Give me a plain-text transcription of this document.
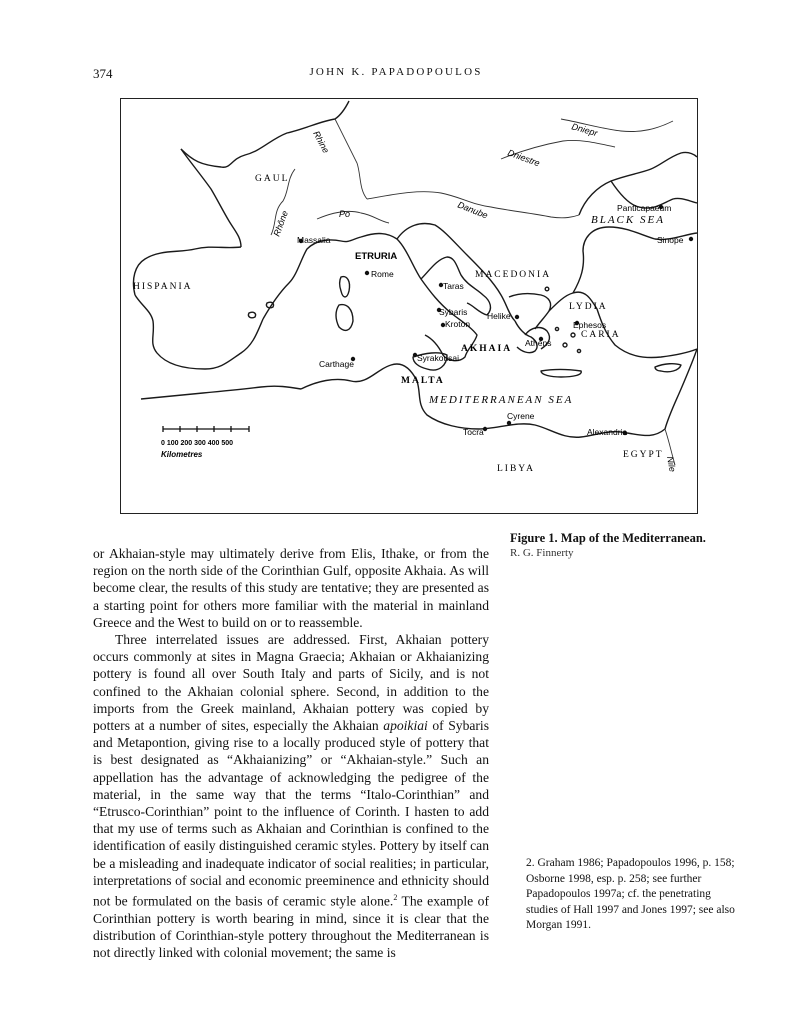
374	JOHN K. PAPADOPOULOS
GAUL
HISPANIA
ETRURIA
MACEDONIA
LYDIA
CARIA
AKHAIA
MALTA
LIBYA
EGYPT
BLACK SEA
MEDITERRANEAN SEA
Rhine
Rhône	Po	Danube
Dniestre
Dniepr
Nile
Massalia
Rome
Taras
Sybaris
Kroton
Syrakousai
Carthage
Helike
Athens
Ephesos
Panticapaeum
Sinope
Cyrene
Tocra	Alexandria
0 100 200 300 400 500
Kilometres
Figure 1. Map of the Mediterranean.
R. G. Finnerty

or Akhaian-style may ultimately derive from Elis, Ithake, or from the region on the north side of the Corinthian Gulf, opposite Akhaia. As will become clear, the results of this study are tentative; they are presented as a starting point for others more familiar with the material in mainland Greece and the West to build on or to reassemble.

Three interrelated issues are addressed. First, Akhaian pottery occurs commonly at sites in Magna Graecia; Akhaian or Akhaianizing pottery is found all over South Italy and parts of Sicily, and is not confined to the Akhaian colonial sphere. Second, in addition to the imports from the Greek mainland, Akhaian pottery was copied by potters at a number of sites, especially the Akhaian apoikiai of Sybaris and Metapontion, giving rise to a locally produced style of pottery that is best designated as “Akhaianizing” or “Akhaian-style.” Such an appellation has the advantage of acknowledging the pedigree of the material, in the same way that the terms “Italo-Corinthian” and “Etrusco-Corinthian” point to the influence of Corinth. I hasten to add that my use of terms such as Akhaian and Corinthian is confined to the identification of easily distinguished ceramic styles. Pottery by itself can be a misleading and inadequate indicator of social realities; in particular, interpretations of social and economic preeminence and ethnicity should not be formulated on the basis of ceramic style alone.$^2$ The example of Corinthian pottery is worth bearing in mind, since it is clear that the distribution of Corinthian-style pottery throughout the Mediterranean is not directly linked with colonial movement; the same is

2. Graham 1986; Papadopoulos 1996, p. 158; Osborne 1998, esp. p. 258; see further Papadopoulos 1997a; cf. the penetrating studies of Hall 1997 and Jones 1997; see also Morgan 1991.
